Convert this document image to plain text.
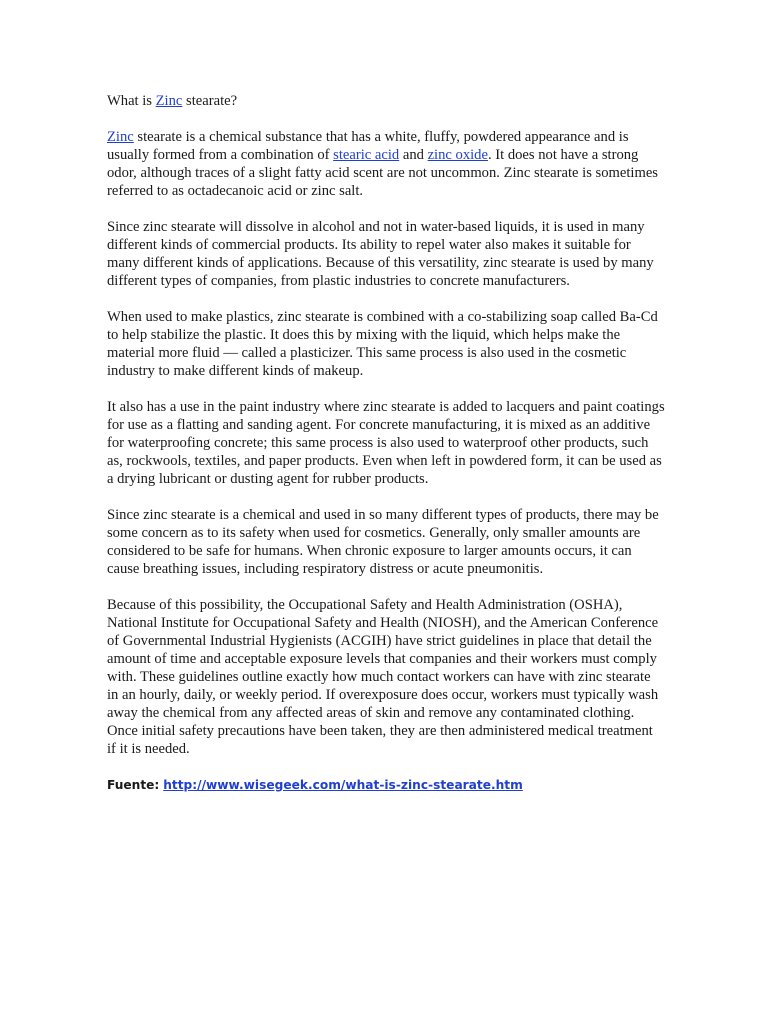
What is Zinc stearate?

Zinc stearate is a chemical substance that has a white, fluffy, powdered appearance and is usually formed from a combination of stearic acid and zinc oxide. It does not have a strong odor, although traces of a slight fatty acid scent are not uncommon. Zinc stearate is sometimes referred to as octadecanoic acid or zinc salt.

Since zinc stearate will dissolve in alcohol and not in water-based liquids, it is used in many different kinds of commercial products. Its ability to repel water also makes it suitable for many different kinds of applications. Because of this versatility, zinc stearate is used by many different types of companies, from plastic industries to concrete manufacturers.

When used to make plastics, zinc stearate is combined with a co-stabilizing soap called Ba-Cd to help stabilize the plastic. It does this by mixing with the liquid, which helps make the material more fluid — called a plasticizer. This same process is also used in the cosmetic industry to make different kinds of makeup.

It also has a use in the paint industry where zinc stearate is added to lacquers and paint coatings for use as a flatting and sanding agent. For concrete manufacturing, it is mixed as an additive for waterproofing concrete; this same process is also used to waterproof other products, such as, rockwools, textiles, and paper products. Even when left in powdered form, it can be used as a drying lubricant or dusting agent for rubber products.

Since zinc stearate is a chemical and used in so many different types of products, there may be some concern as to its safety when used for cosmetics. Generally, only smaller amounts are considered to be safe for humans. When chronic exposure to larger amounts occurs, it can cause breathing issues, including respiratory distress or acute pneumonitis.

Because of this possibility, the Occupational Safety and Health Administration (OSHA), National Institute for Occupational Safety and Health (NIOSH), and the American Conference of Governmental Industrial Hygienists (ACGIH) have strict guidelines in place that detail the amount of time and acceptable exposure levels that companies and their workers must comply with. These guidelines outline exactly how much contact workers can have with zinc stearate in an hourly, daily, or weekly period. If overexposure does occur, workers must typically wash away the chemical from any affected areas of skin and remove any contaminated clothing. Once initial safety precautions have been taken, they are then administered medical treatment if it is needed.

Fuente: http://www.wisegeek.com/what-is-zinc-stearate.htm
